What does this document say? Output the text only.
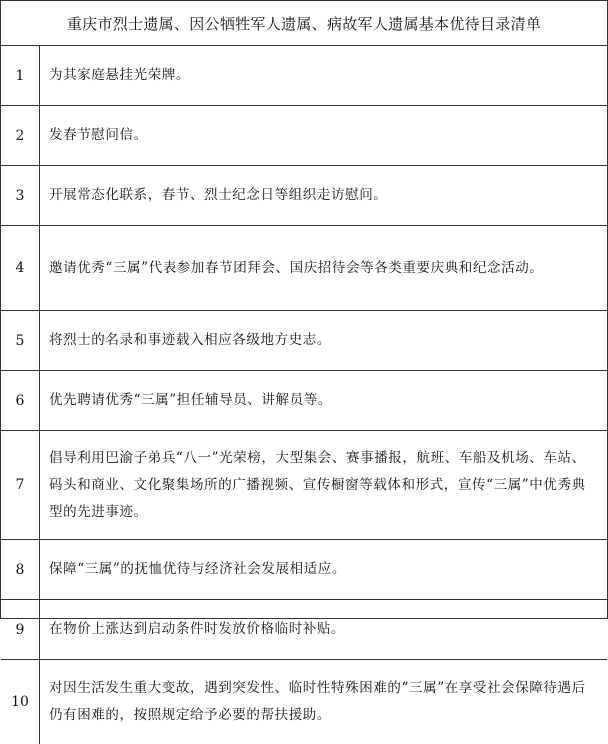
重庆市烈士遗属、因公牺牲军人遗属、病故军人遗属基本优待目录清单
1	为其家庭悬挂光荣牌。
2	发春节慰问信。
3	开展常态化联系，春节、烈士纪念日等组织走访慰问。
4	邀请优秀“三属”代表参加春节团拜会、国庆招待会等各类重要庆典和纪念活动。
5	将烈士的名录和事迹载入相应各级地方史志。
6	优先聘请优秀“三属”担任辅导员、讲解员等。
7	倡导利用巴渝子弟兵“八一”光荣榜，大型集会、赛事播报，航班、车船及机场、车站、码头和商业、文化聚集场所的广播视频、宣传橱窗等载体和形式，宣传“三属”中优秀典型的先进事迹。
8	保障“三属”的抚恤优待与经济社会发展相适应。
9	在物价上涨达到启动条件时发放价格临时补贴。
10	对因生活发生重大变故，遇到突发性、临时性特殊困难的“三属”在享受社会保障待遇后仍有困难的，按照规定给予必要的帮扶援助。
